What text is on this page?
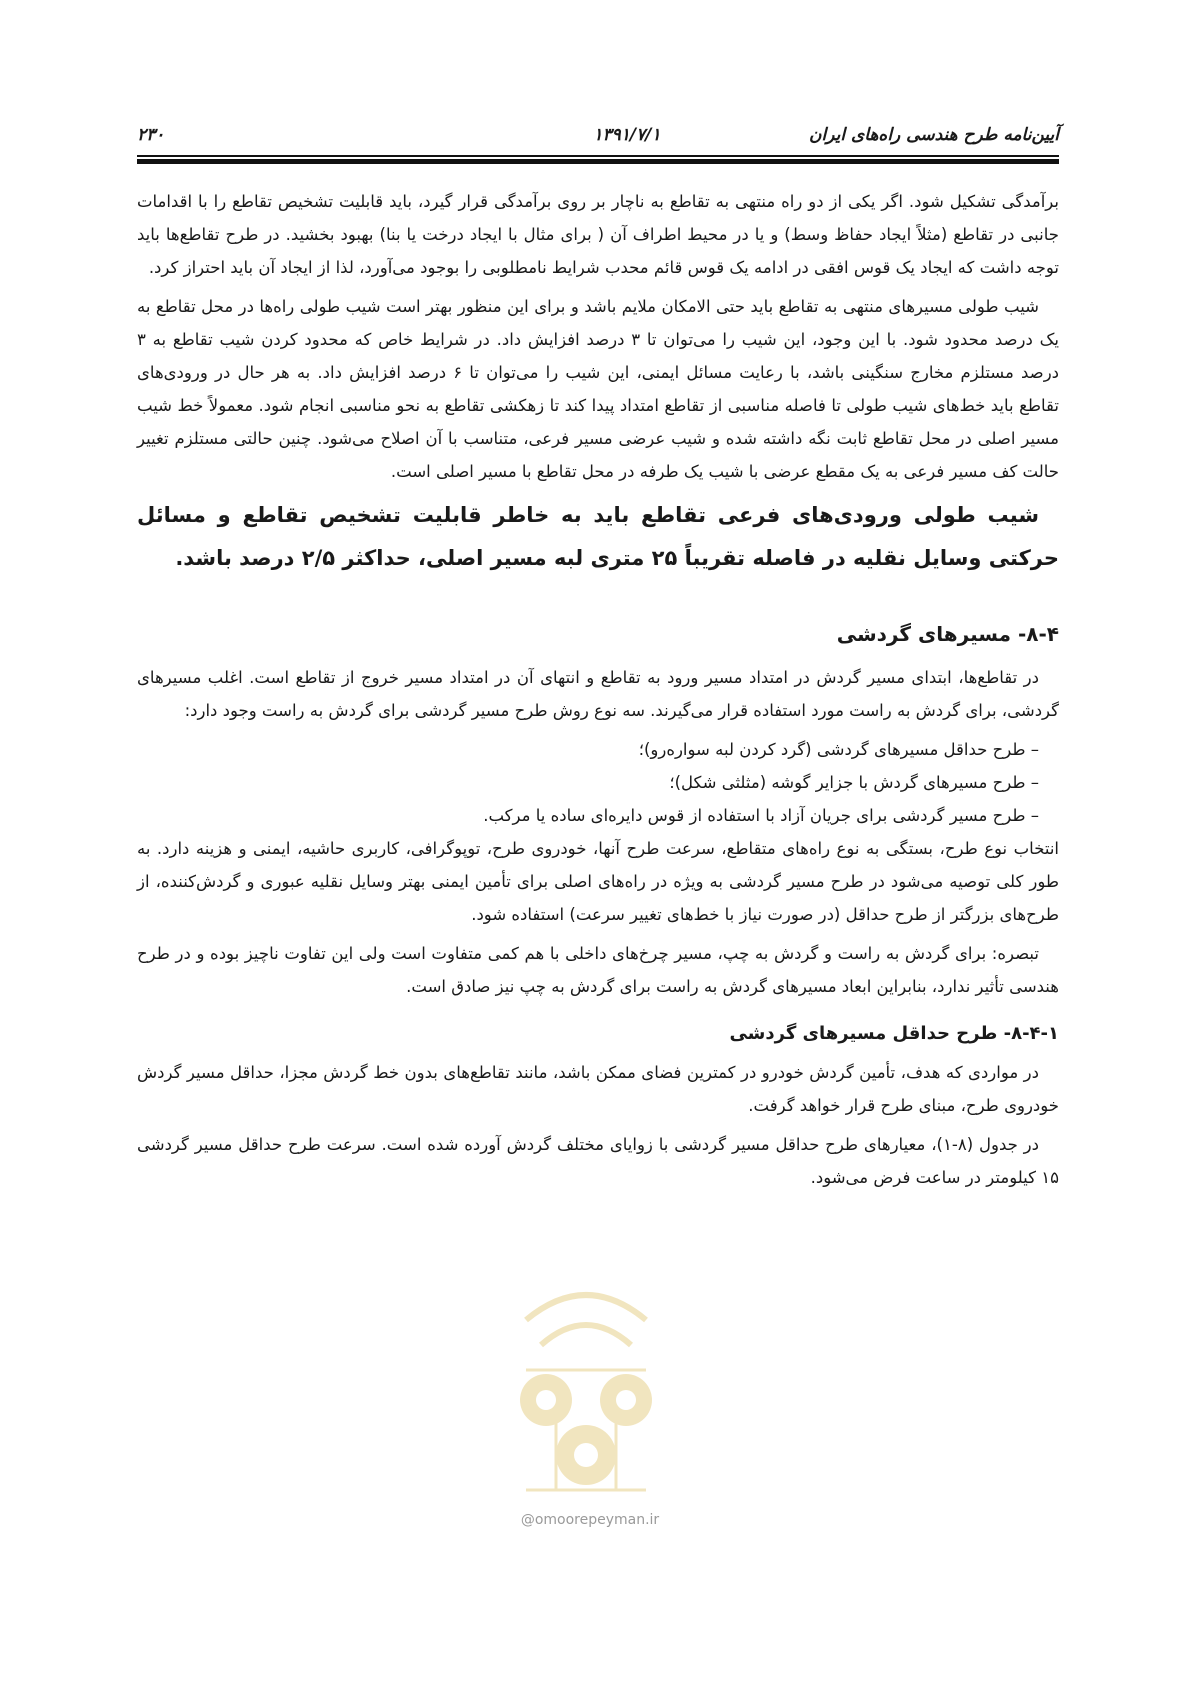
آیین‌نامه طرح هندسی راه‌های ایران
۱۳۹۱/۷/۱
۲۳۰

برآمدگی تشکیل شود. اگر یکی از دو راه منتهی به تقاطع به ناچار بر روی برآمدگی قرار گیرد، باید قابلیت تشخیص تقاطع را با اقدامات جانبی در تقاطع (مثلاً ایجاد حفاظ وسط) و یا در محیط اطراف آن ( برای مثال با ایجاد درخت یا بنا) بهبود بخشید. در طرح تقاطع‌ها باید توجه داشت که ایجاد یک قوس افقی در ادامه یک قوس قائم محدب شرایط نامطلوبی را بوجود می‌آورد، لذا از ایجاد آن باید احتراز کرد.

شیب طولی مسیرهای منتهی به تقاطع باید حتی الامکان ملایم باشد و برای این منظور بهتر است شیب طولی راه‌ها در محل تقاطع به یک درصد محدود شود. با این وجود، این شیب را می‌توان تا ۳ درصد افزایش داد. در شرایط خاص که محدود کردن شیب تقاطع به ۳ درصد مستلزم مخارج سنگینی باشد، با رعایت مسائل ایمنی، این شیب را می‌توان تا ۶ درصد افزایش داد. به هر حال در ورودی‌های تقاطع باید خط‌های شیب طولی تا فاصله مناسبی از تقاطع امتداد پیدا کند تا زهکشی تقاطع به نحو مناسبی انجام شود. معمولاً خط شیب مسیر اصلی در محل تقاطع ثابت نگه داشته شده و شیب عرضی مسیر فرعی، متناسب با آن اصلاح می‌شود. چنین حالتی مستلزم تغییر حالت کف مسیر فرعی به یک مقطع عرضی با شیب یک طرفه در محل تقاطع با مسیر اصلی است.

شیب طولی ورودی‌های فرعی تقاطع باید به خاطر قابلیت تشخیص تقاطع و مسائل حرکتی وسایل نقلیه در فاصله تقریباً ۲۵ متری لبه مسیر اصلی، حداکثر ۲/۵ درصد باشد.

۸-۴- مسیرهای گردشی

در تقاطع‌ها، ابتدای مسیر گردش در امتداد مسیر ورود به تقاطع و انتهای آن در امتداد مسیر خروج از تقاطع است. اغلب مسیرهای گردشی، برای گردش به راست مورد استفاده قرار می‌گیرند. سه نوع روش طرح مسیر گردشی برای گردش به راست وجود دارد:

– طرح حداقل مسیرهای گردشی (گرد کردن لبه سواره‌رو)؛
– طرح مسیرهای گردش با جزایر گوشه (مثلثی شکل)؛
– طرح مسیر گردشی برای جریان آزاد با استفاده از قوس دایره‌ای ساده یا مرکب.

انتخاب نوع طرح، بستگی به نوع راه‌های متقاطع، سرعت طرح آنها، خودروی طرح، توپوگرافی، کاربری حاشیه، ایمنی و هزینه دارد. به طور کلی توصیه می‌شود در طرح مسیر گردشی به ویژه در راه‌های اصلی برای تأمین ایمنی بهتر وسایل نقلیه عبوری و گردش‌کننده، از طرح‌های بزرگتر از طرح حداقل (در صورت نیاز با خط‌های تغییر سرعت) استفاده شود.

تبصره: برای گردش به راست و گردش به چپ، مسیر چرخ‌های داخلی با هم کمی متفاوت است ولی این تفاوت ناچیز بوده و در طرح هندسی تأثیر ندارد، بنابراین ابعاد مسیرهای گردش به راست برای گردش به چپ نیز صادق است.

۸-۴-۱- طرح حداقل مسیرهای گردشی

در مواردی که هدف، تأمین گردش خودرو در کمترین فضای ممکن باشد، مانند تقاطع‌های بدون خط گردش مجزا، حداقل مسیر گردش خودروی طرح، مبنای طرح قرار خواهد گرفت.

در جدول (۸-۱)، معیارهای طرح حداقل مسیر گردشی با زوایای مختلف گردش آورده شده است. سرعت طرح حداقل مسیر گردشی ۱۵ کیلومتر در ساعت فرض می‌شود.

@omoorepeyman.ir
